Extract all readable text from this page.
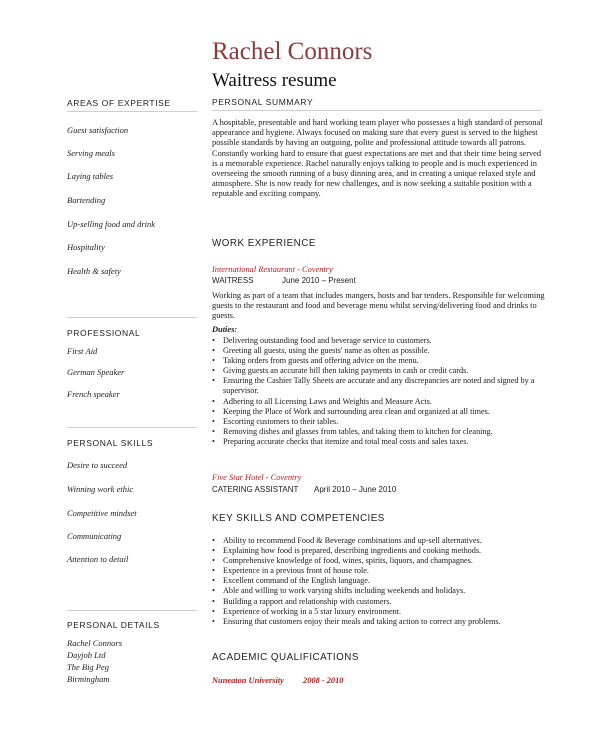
Rachel Connors
Waitress resume
AREAS OF EXPERTISE
Guest satisfaction
Serving meals
Laying tables
Bartending
Up-selling food and drink
Hospitality
Health & safety
PROFESSIONAL
First Aid
German Speaker
French speaker
PERSONAL SKILLS
Desire to succeed
Winning work ethic
Competitive mindset
Communicating
Attention to detail
PERSONAL DETAILS
Rachel Connors
Dayjob Ltd
The Big Peg
Birmingham
PERSONAL SUMMARY
A hospitable, presentable and hard working team player who possesses a high standard of personal appearance and hygiene. Always focused on making sure that every guest is served to the highest possible standards by having an outgoing, polite and professional attitude towards all patrons. Constantly working hard to ensure that guest expectations are met and that their time being served is a memorable experience. Rachel naturally enjoys talking to people and is much experienced in overseeing the smooth running of a busy dinning area, and in creating a unique relaxed style and atmosphere. She is now ready for new challenges, and is now seeking a suitable position with a reputable and exciting company.
WORK EXPERIENCE
International Restaurant - Coventry
WAITRESS	June 2010 – Present
Working as part of a team that includes mangers, hosts and bar tenders. Responsible for welcoming guests to the restaurant and food and beverage menu whilst serving/delivering food and drinks to guests.
Duties:
• Delivering outstanding food and beverage service to customers.
• Greeting all guests, using the guests' name as often as possible.
• Taking orders from guests and offering advice on the menu.
• Giving guests an accurate bill then taking payments in cash or credit cards.
• Ensuring the Cashier Tally Sheets are accurate and any discrepancies are noted and signed by a supervisor.
• Adhering to all Licensing Laws and Weights and Measure Acts.
• Keeping the Place of Work and surrounding area clean and organized at all times.
• Escorting customers to their tables.
• Removing dishes and glasses from tables, and taking them to kitchen for cleaning.
• Preparing accurate checks that itemize and total meal costs and sales taxes.
Five Star Hotel - Coventry
CATERING ASSISTANT April 2010 – June 2010
KEY SKILLS AND COMPETENCIES
• Ability to recommend Food & Beverage combinations and up-sell alternatives.
• Explaining how food is prepared, describing ingredients and cooking methods.
• Comprehensive knowledge of food, wines, spirits, liquors, and champagnes.
• Experience in a previous front of house role.
• Excellent command of the English language.
• Able and willing to work varying shifts including weekends and holidays.
• Building a rapport and relationship with customers.
• Experience of working in a 5 star luxury environment.
• Ensuring that customers enjoy their meals and taking action to correct any problems.
ACADEMIC QUALIFICATIONS
Nuneaton University 2008 - 2010
